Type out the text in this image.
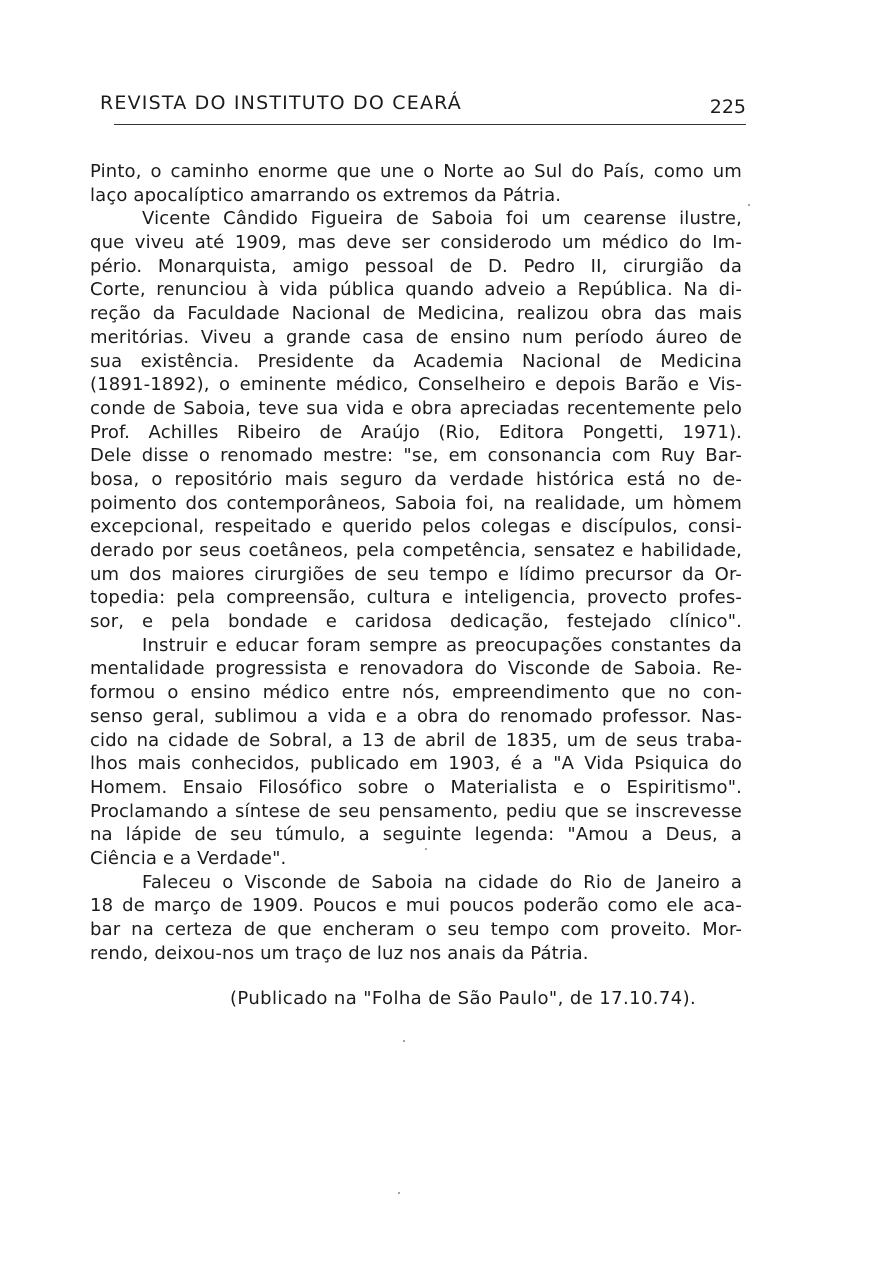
REVISTA DO INSTITUTO DO CEARÁ	225
Pinto, o caminho enorme que une o Norte ao Sul do País, como um
laço apocalíptico amarrando os extremos da Pátria.
Vicente Cândido Figueira de Saboia foi um cearense ilustre,
que viveu até 1909, mas deve ser considerodo um médico do Im-
pério. Monarquista, amigo pessoal de D. Pedro II, cirurgião da
Corte, renunciou à vida pública quando adveio a República. Na di-
reção da Faculdade Nacional de Medicina, realizou obra das mais
meritórias. Viveu a grande casa de ensino num período áureo de
sua existência. Presidente da Academia Nacional de Medicina
(1891-1892), o eminente médico, Conselheiro e depois Barão e Vis-
conde de Saboia, teve sua vida e obra apreciadas recentemente pelo
Prof. Achilles Ribeiro de Araújo (Rio, Editora Pongetti, 1971).
Dele disse o renomado mestre: "se, em consonancia com Ruy Bar-
bosa, o repositório mais seguro da verdade histórica está no de-
poimento dos contemporâneos, Saboia foi, na realidade, um hòmem
excepcional, respeitado e querido pelos colegas e discípulos, consi-
derado por seus coetâneos, pela competência, sensatez e habilidade,
um dos maiores cirurgiões de seu tempo e lídimo precursor da Or-
topedia: pela compreensão, cultura e inteligencia, provecto profes-
sor, e pela bondade e caridosa dedicação, festejado clínico".
Instruir e educar foram sempre as preocupações constantes da
mentalidade progressista e renovadora do Visconde de Saboia. Re-
formou o ensino médico entre nós, empreendimento que no con-
senso geral, sublimou a vida e a obra do renomado professor. Nas-
cido na cidade de Sobral, a 13 de abril de 1835, um de seus traba-
lhos mais conhecidos, publicado em 1903, é a "A Vida Psiquica do
Homem. Ensaio Filosófico sobre o Materialista e o Espiritismo".
Proclamando a síntese de seu pensamento, pediu que se inscrevesse
na lápide de seu túmulo, a seguinte legenda: "Amou a Deus, a
Ciência e a Verdade".
Faleceu o Visconde de Saboia na cidade do Rio de Janeiro a
18 de março de 1909. Poucos e mui poucos poderão como ele aca-
bar na certeza de que encheram o seu tempo com proveito. Mor-
rendo, deixou-nos um traço de luz nos anais da Pátria.
(Publicado na "Folha de São Paulo", de 17.10.74).
